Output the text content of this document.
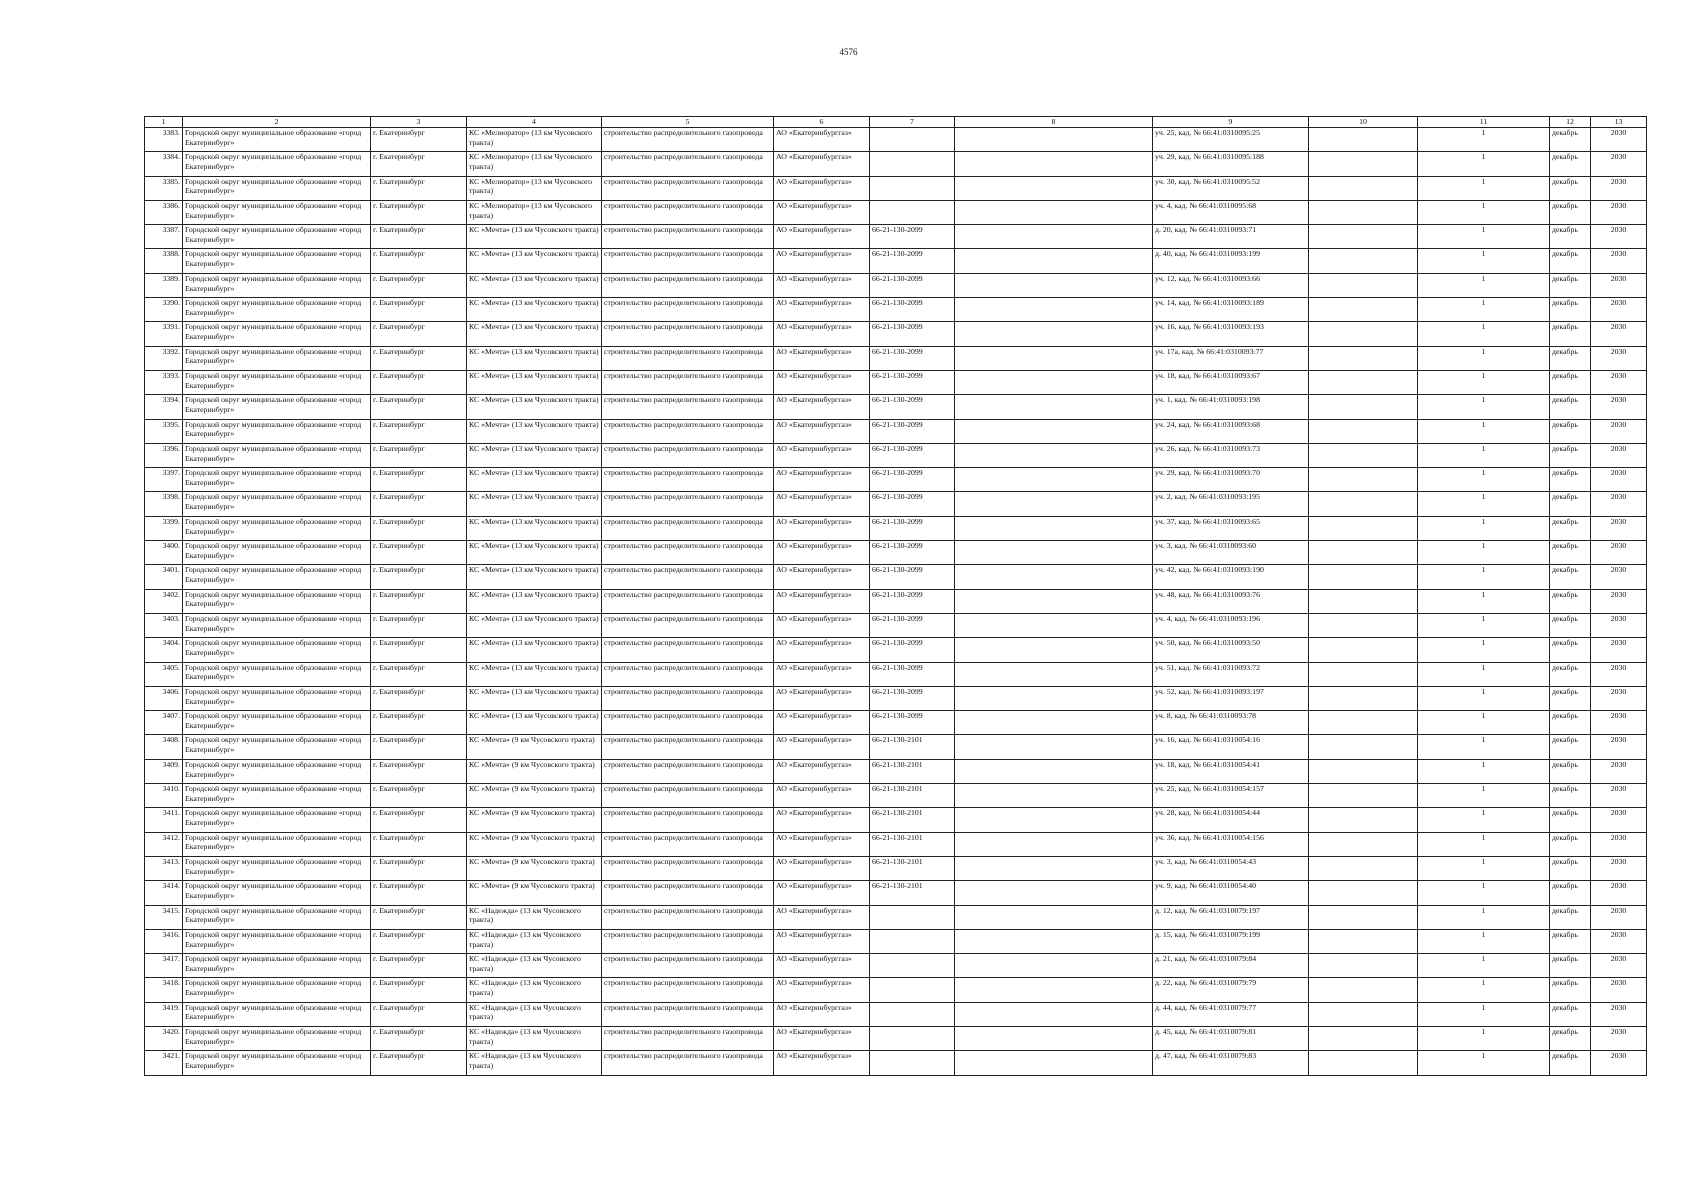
4576
1	2	3	4	5	6	7	8	9	10	11	12	13
3383.	Городской округ муниципальное образование «город Екатеринбург»	г. Екатеринбург	КС «Мелиоратор» (13 км Чусовского тракта)	строительство распределительного газопровода	АО «Екатеринбурггаз»			уч. 25, кад. № 66:41:0310095:25		1	декабрь	2030
3384.	Городской округ муниципальное образование «город Екатеринбург»	г. Екатеринбург	КС «Мелиоратор» (13 км Чусовского тракта)	строительство распределительного газопровода	АО «Екатеринбурггаз»			уч. 29, кад. № 66:41:0310095:188		1	декабрь	2030
3385.	Городской округ муниципальное образование «город Екатеринбург»	г. Екатеринбург	КС «Мелиоратор» (13 км Чусовского тракта)	строительство распределительного газопровода	АО «Екатеринбурггаз»			уч. 30, кад. № 66:41:0310095:52		1	декабрь	2030
3386.	Городской округ муниципальное образование «город Екатеринбург»	г. Екатеринбург	КС «Мелиоратор» (13 км Чусовского тракта)	строительство распределительного газопровода	АО «Екатеринбурггаз»			уч. 4, кад. № 66:41:0310095:68		1	декабрь	2030
3387.	Городской округ муниципальное образование «город Екатеринбург»	г. Екатеринбург	КС «Мечта» (13 км Чусовского тракта)	строительство распределительного газопровода	АО «Екатеринбурггаз»	66-21-130-2099		д. 20, кад. № 66:41:0310093:71		1	декабрь	2030
3388.	Городской округ муниципальное образование «город Екатеринбург»	г. Екатеринбург	КС «Мечта» (13 км Чусовского тракта)	строительство распределительного газопровода	АО «Екатеринбурггаз»	66-21-130-2099		д. 40, кад. № 66:41:0310093:199		1	декабрь	2030
3389.	Городской округ муниципальное образование «город Екатеринбург»	г. Екатеринбург	КС «Мечта» (13 км Чусовского тракта)	строительство распределительного газопровода	АО «Екатеринбурггаз»	66-21-130-2099		уч. 12, кад. № 66:41:0310093:66		1	декабрь	2030
3390.	Городской округ муниципальное образование «город Екатеринбург»	г. Екатеринбург	КС «Мечта» (13 км Чусовского тракта)	строительство распределительного газопровода	АО «Екатеринбурггаз»	66-21-130-2099		уч. 14, кад. № 66:41:0310093:189		1	декабрь	2030
3391.	Городской округ муниципальное образование «город Екатеринбург»	г. Екатеринбург	КС «Мечта» (13 км Чусовского тракта)	строительство распределительного газопровода	АО «Екатеринбурггаз»	66-21-130-2099		уч. 16, кад. № 66:41:0310093:193		1	декабрь	2030
3392.	Городской округ муниципальное образование «город Екатеринбург»	г. Екатеринбург	КС «Мечта» (13 км Чусовского тракта)	строительство распределительного газопровода	АО «Екатеринбурггаз»	66-21-130-2099		уч. 17а, кад. № 66:41:0310093:77		1	декабрь	2030
3393.	Городской округ муниципальное образование «город Екатеринбург»	г. Екатеринбург	КС «Мечта» (13 км Чусовского тракта)	строительство распределительного газопровода	АО «Екатеринбурггаз»	66-21-130-2099		уч. 18, кад. № 66:41:0310093:67		1	декабрь	2030
3394.	Городской округ муниципальное образование «город Екатеринбург»	г. Екатеринбург	КС «Мечта» (13 км Чусовского тракта)	строительство распределительного газопровода	АО «Екатеринбурггаз»	66-21-130-2099		уч. 1, кад. № 66:41:0310093:198		1	декабрь	2030
3395.	Городской округ муниципальное образование «город Екатеринбург»	г. Екатеринбург	КС «Мечта» (13 км Чусовского тракта)	строительство распределительного газопровода	АО «Екатеринбурггаз»	66-21-130-2099		уч. 24, кад. № 66:41:0310093:68		1	декабрь	2030
3396.	Городской округ муниципальное образование «город Екатеринбург»	г. Екатеринбург	КС «Мечта» (13 км Чусовского тракта)	строительство распределительного газопровода	АО «Екатеринбурггаз»	66-21-130-2099		уч. 26, кад. № 66:41:0310093:73		1	декабрь	2030
3397.	Городской округ муниципальное образование «город Екатеринбург»	г. Екатеринбург	КС «Мечта» (13 км Чусовского тракта)	строительство распределительного газопровода	АО «Екатеринбурггаз»	66-21-130-2099		уч. 29, кад. № 66:41:0310093:70		1	декабрь	2030
3398.	Городской округ муниципальное образование «город Екатеринбург»	г. Екатеринбург	КС «Мечта» (13 км Чусовского тракта)	строительство распределительного газопровода	АО «Екатеринбурггаз»	66-21-130-2099		уч. 2, кад. № 66:41:0310093:195		1	декабрь	2030
3399.	Городской округ муниципальное образование «город Екатеринбург»	г. Екатеринбург	КС «Мечта» (13 км Чусовского тракта)	строительство распределительного газопровода	АО «Екатеринбурггаз»	66-21-130-2099		уч. 37, кад. № 66:41:0310093:65		1	декабрь	2030
3400.	Городской округ муниципальное образование «город Екатеринбург»	г. Екатеринбург	КС «Мечта» (13 км Чусовского тракта)	строительство распределительного газопровода	АО «Екатеринбурггаз»	66-21-130-2099		уч. 3, кад. № 66:41:0310093:60		1	декабрь	2030
3401.	Городской округ муниципальное образование «город Екатеринбург»	г. Екатеринбург	КС «Мечта» (13 км Чусовского тракта)	строительство распределительного газопровода	АО «Екатеринбурггаз»	66-21-130-2099		уч. 42, кад. № 66:41:0310093:190		1	декабрь	2030
3402.	Городской округ муниципальное образование «город Екатеринбург»	г. Екатеринбург	КС «Мечта» (13 км Чусовского тракта)	строительство распределительного газопровода	АО «Екатеринбурггаз»	66-21-130-2099		уч. 48, кад. № 66:41:0310093:76		1	декабрь	2030
3403.	Городской округ муниципальное образование «город Екатеринбург»	г. Екатеринбург	КС «Мечта» (13 км Чусовского тракта)	строительство распределительного газопровода	АО «Екатеринбурггаз»	66-21-130-2099		уч. 4, кад. № 66:41:0310093:196		1	декабрь	2030
3404.	Городской округ муниципальное образование «город Екатеринбург»	г. Екатеринбург	КС «Мечта» (13 км Чусовского тракта)	строительство распределительного газопровода	АО «Екатеринбурггаз»	66-21-130-2099		уч. 50, кад. № 66:41:0310093:50		1	декабрь	2030
3405.	Городской округ муниципальное образование «город Екатеринбург»	г. Екатеринбург	КС «Мечта» (13 км Чусовского тракта)	строительство распределительного газопровода	АО «Екатеринбурггаз»	66-21-130-2099		уч. 51, кад. № 66:41:0310093:72		1	декабрь	2030
3406.	Городской округ муниципальное образование «город Екатеринбург»	г. Екатеринбург	КС «Мечта» (13 км Чусовского тракта)	строительство распределительного газопровода	АО «Екатеринбурггаз»	66-21-130-2099		уч. 52, кад. № 66:41:0310093:197		1	декабрь	2030
3407.	Городской округ муниципальное образование «город Екатеринбург»	г. Екатеринбург	КС «Мечта» (13 км Чусовского тракта)	строительство распределительного газопровода	АО «Екатеринбурггаз»	66-21-130-2099		уч. 8, кад. № 66:41:0310093:78		1	декабрь	2030
3408.	Городской округ муниципальное образование «город Екатеринбург»	г. Екатеринбург	КС «Мечта» (9 км Чусовского тракта)	строительство распределительного газопровода	АО «Екатеринбурггаз»	66-21-130-2101		уч. 16, кад. № 66:41:0310054:16		1	декабрь	2030
3409.	Городской округ муниципальное образование «город Екатеринбург»	г. Екатеринбург	КС «Мечта» (9 км Чусовского тракта)	строительство распределительного газопровода	АО «Екатеринбурггаз»	66-21-130-2101		уч. 18, кад. № 66:41:0310054:41		1	декабрь	2030
3410.	Городской округ муниципальное образование «город Екатеринбург»	г. Екатеринбург	КС «Мечта» (9 км Чусовского тракта)	строительство распределительного газопровода	АО «Екатеринбурггаз»	66-21-130-2101		уч. 25, кад. № 66:41:0310054:157		1	декабрь	2030
3411.	Городской округ муниципальное образование «город Екатеринбург»	г. Екатеринбург	КС «Мечта» (9 км Чусовского тракта)	строительство распределительного газопровода	АО «Екатеринбурггаз»	66-21-130-2101		уч. 28, кад. № 66:41:0310054:44		1	декабрь	2030
3412.	Городской округ муниципальное образование «город Екатеринбург»	г. Екатеринбург	КС «Мечта» (9 км Чусовского тракта)	строительство распределительного газопровода	АО «Екатеринбурггаз»	66-21-130-2101		уч. 36, кад. № 66:41:0310054:156		1	декабрь	2030
3413.	Городской округ муниципальное образование «город Екатеринбург»	г. Екатеринбург	КС «Мечта» (9 км Чусовского тракта)	строительство распределительного газопровода	АО «Екатеринбурггаз»	66-21-130-2101		уч. 3, кад. № 66:41:0310054:43		1	декабрь	2030
3414.	Городской округ муниципальное образование «город Екатеринбург»	г. Екатеринбург	КС «Мечта» (9 км Чусовского тракта)	строительство распределительного газопровода	АО «Екатеринбурггаз»	66-21-130-2101		уч. 9, кад. № 66:41:0310054:40		1	декабрь	2030
3415.	Городской округ муниципальное образование «город Екатеринбург»	г. Екатеринбург	КС «Надежда» (13 км Чусовского тракта)	строительство распределительного газопровода	АО «Екатеринбурггаз»			д. 12, кад. № 66:41:0310079:197		1	декабрь	2030
3416.	Городской округ муниципальное образование «город Екатеринбург»	г. Екатеринбург	КС «Надежда» (13 км Чусовского тракта)	строительство распределительного газопровода	АО «Екатеринбурггаз»			д. 15, кад. № 66:41:0310079:199		1	декабрь	2030
3417.	Городской округ муниципальное образование «город Екатеринбург»	г. Екатеринбург	КС «Надежда» (13 км Чусовского тракта)	строительство распределительного газопровода	АО «Екатеринбурггаз»			д. 21, кад. № 66:41:0310079:84		1	декабрь	2030
3418.	Городской округ муниципальное образование «город Екатеринбург»	г. Екатеринбург	КС «Надежда» (13 км Чусовского тракта)	строительство распределительного газопровода	АО «Екатеринбурггаз»			д. 22, кад. № 66:41:0310079:79		1	декабрь	2030
3419.	Городской округ муниципальное образование «город Екатеринбург»	г. Екатеринбург	КС «Надежда» (13 км Чусовского тракта)	строительство распределительного газопровода	АО «Екатеринбурггаз»			д. 44, кад. № 66:41:0310079:77		1	декабрь	2030
3420.	Городской округ муниципальное образование «город Екатеринбург»	г. Екатеринбург	КС «Надежда» (13 км Чусовского тракта)	строительство распределительного газопровода	АО «Екатеринбурггаз»			д. 45, кад. № 66:41:0310079:81		1	декабрь	2030
3421.	Городской округ муниципальное образование «город Екатеринбург»	г. Екатеринбург	КС «Надежда» (13 км Чусовского тракта)	строительство распределительного газопровода	АО «Екатеринбурггаз»			д. 47, кад. № 66:41:0310079:83		1	декабрь	2030
